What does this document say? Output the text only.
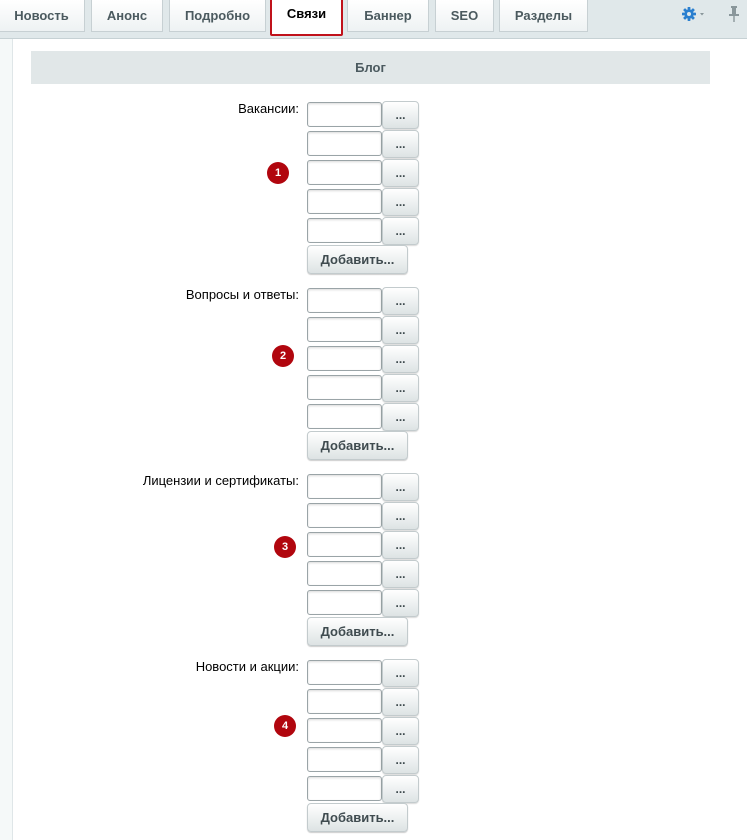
Новость	Анонс	Подробно	Связи	Баннер	SEO	Разделы
Блог
Вакансии:
1
...
...
...
...
...
Добавить...
Вопросы и ответы:
2
...
...
...
...
...
Добавить...
Лицензии и сертификаты:
3
...
...
...
...
...
Добавить...
Новости и акции:
4
...
...
...
...
...
Добавить...
